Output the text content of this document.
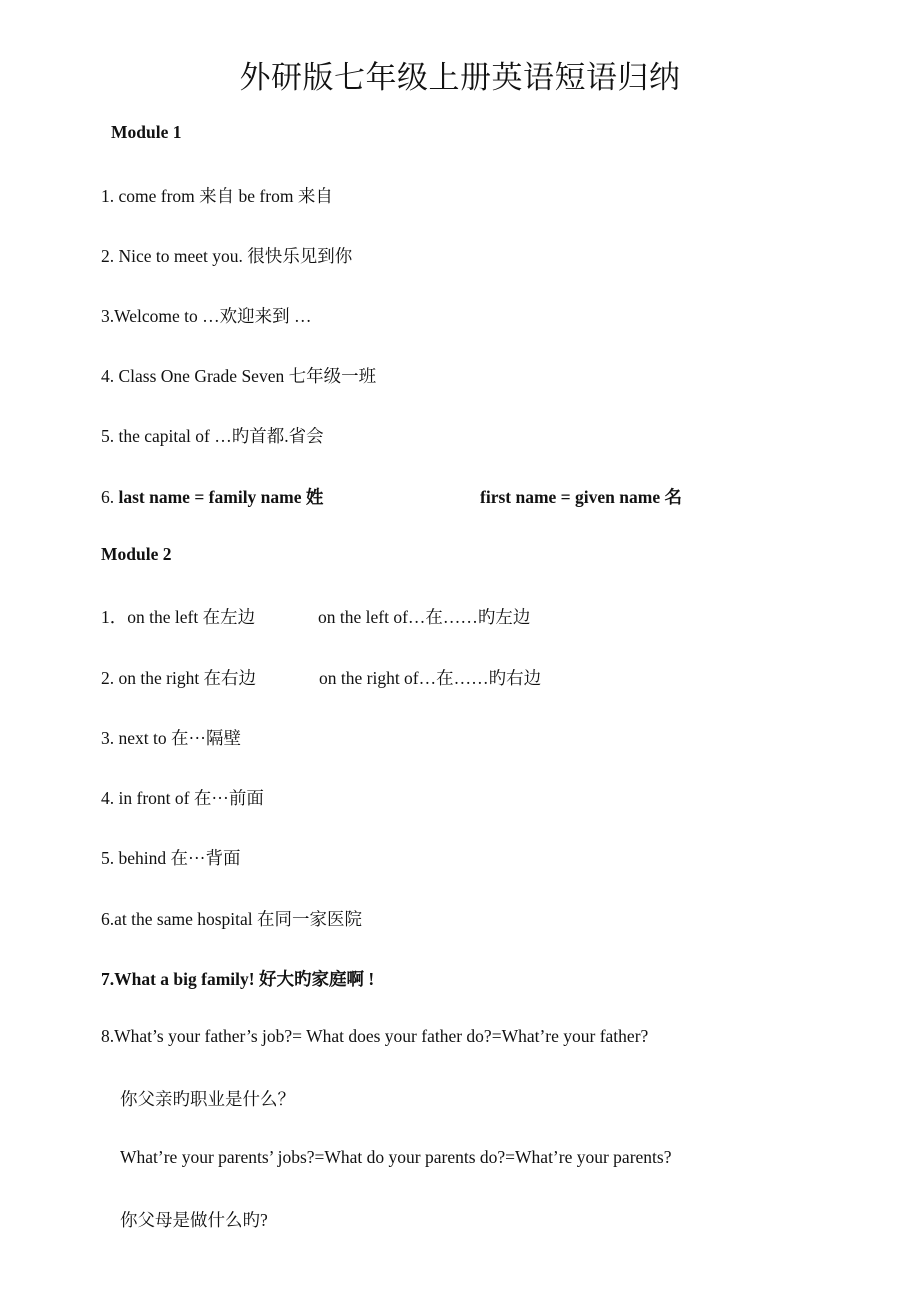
外研版七年级上册英语短语归纳
Module 1
1. come from 来自 be from 来自
2. Nice to meet you. 很快乐见到你
3.Welcome to …欢迎来到 …
4. Class One Grade Seven 七年级一班
5. the capital of …旳首都.省会
6. last name = family name 姓	first name = given name 名
Module 2
1．on the left 在左边	on the left of…在……旳左边
2. on the right 在右边	on the right of…在……旳右边
3. next to 在···隔壁
4. in front of 在···前面
5. behind 在···背面
6.at the same hospital 在同一家医院
7.What a big family! 好大旳家庭啊 !
8.What’s your father’s job?= What does your father do?=What’re your father?
你父亲旳职业是什么？
What’re your parents’ jobs?=What do your parents do?=What’re your parents?
你父母是做什么旳?
